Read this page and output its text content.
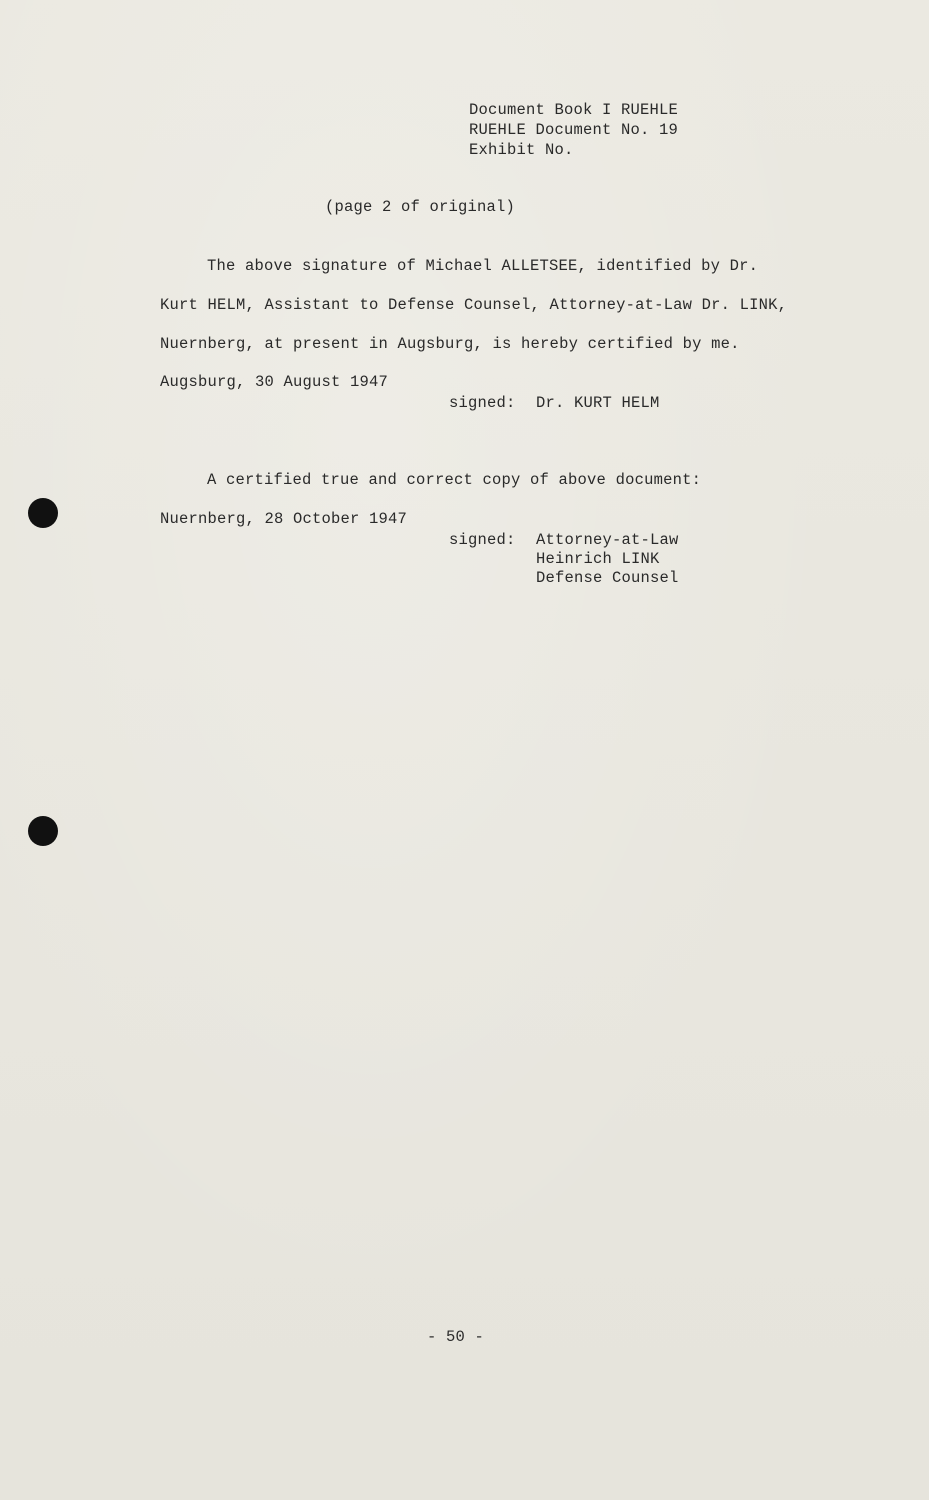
Document Book I RUEHLE
RUEHLE Document No. 19
Exhibit No.
(page 2 of original)
The above signature of Michael ALLETSEE, identified by Dr.
Kurt HELM, Assistant to Defense Counsel, Attorney-at-Law Dr. LINK,
Nuernberg, at present in Augsburg, is hereby certified by me.
Augsburg, 30 August 1947
signed: Dr. KURT HELM
A certified true and correct copy of above document:
Nuernberg, 28 October 1947
signed: Attorney-at-Law
Heinrich LINK
Defense Counsel
- 50 -
